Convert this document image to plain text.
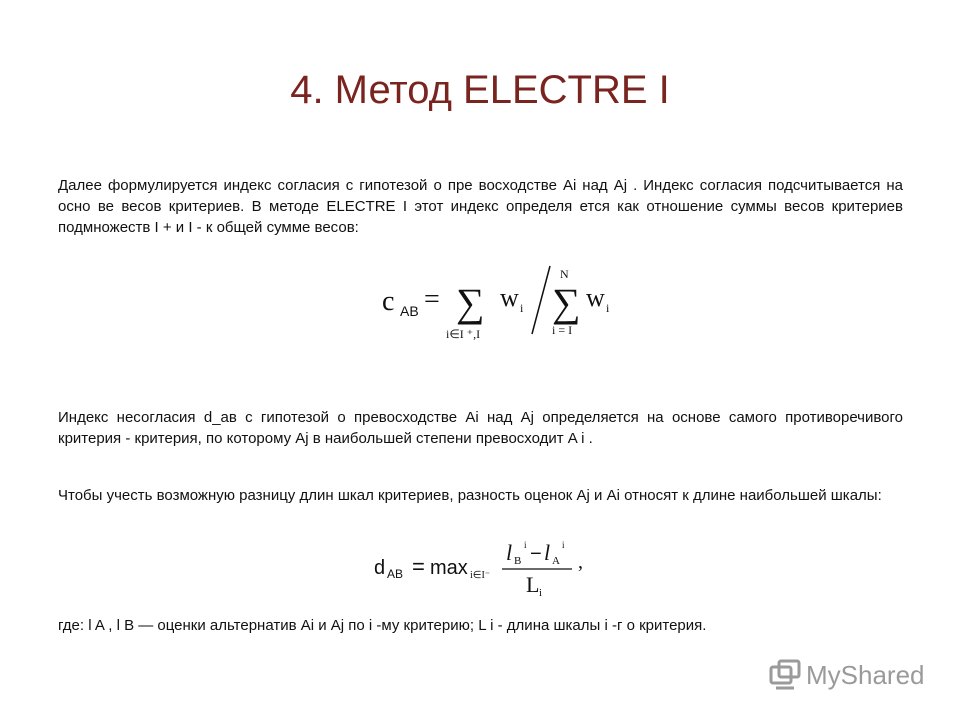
4. Метод ELECTRE I
Далее формулируется индекс согласия с гипотезой о пре восходстве Ai над Aj . Индекс согласия подсчитывается на осно ве весов критериев. В методе ELECTRE I этот индекс определя ется как отношение суммы весов критериев подмножеств I + и I - к общей сумме весов:
c AB = ∑ w i
i∈I ⁺,I
N
∑ w i
i = I
Индекс несогласия d_ав с гипотезой о превосходстве Ai над Aj определяется на основе самого противоречивого критерия - критерия, по которому Aj в наибольшей степени превосходит A i .
Чтобы учесть возможную разницу длин шкал критериев, разность оценок Aj и Ai относят к длине наибольшей шкалы:
d AB = max i∈I⁻
l B
i − l A
i
L i
,
где: l A , l B — оценки альтернатив Ai и Aj по i -му критерию; L i - длина шкалы i -г о критерия.
MyShared
